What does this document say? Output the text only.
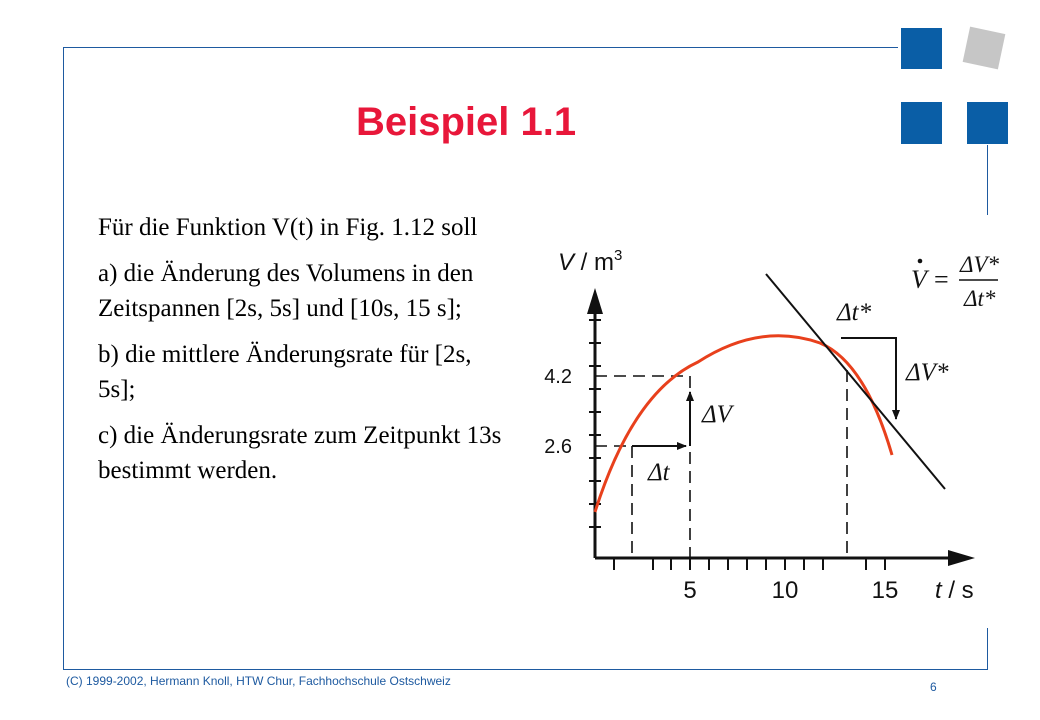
Beispiel 1.1

Für die Funktion V(t) in Fig. 1.12 soll

a) die Änderung des Volumens in den Zeitspannen [2s, 5s] und [10s, 15 s];

b) die mittlere Änderungsrate für [2s, 5s];

c) die Änderungsrate zum Zeitpunkt 13s bestimmt werden.

V / $m^3$
t / s
5	10	15
4.2
2.6
ΔV
Δt
Δt*
ΔV*
V =
ΔV*
Δt*
(C) 1999-2002, Hermann Knoll, HTW Chur, Fachhochschule Ostschweiz	6
